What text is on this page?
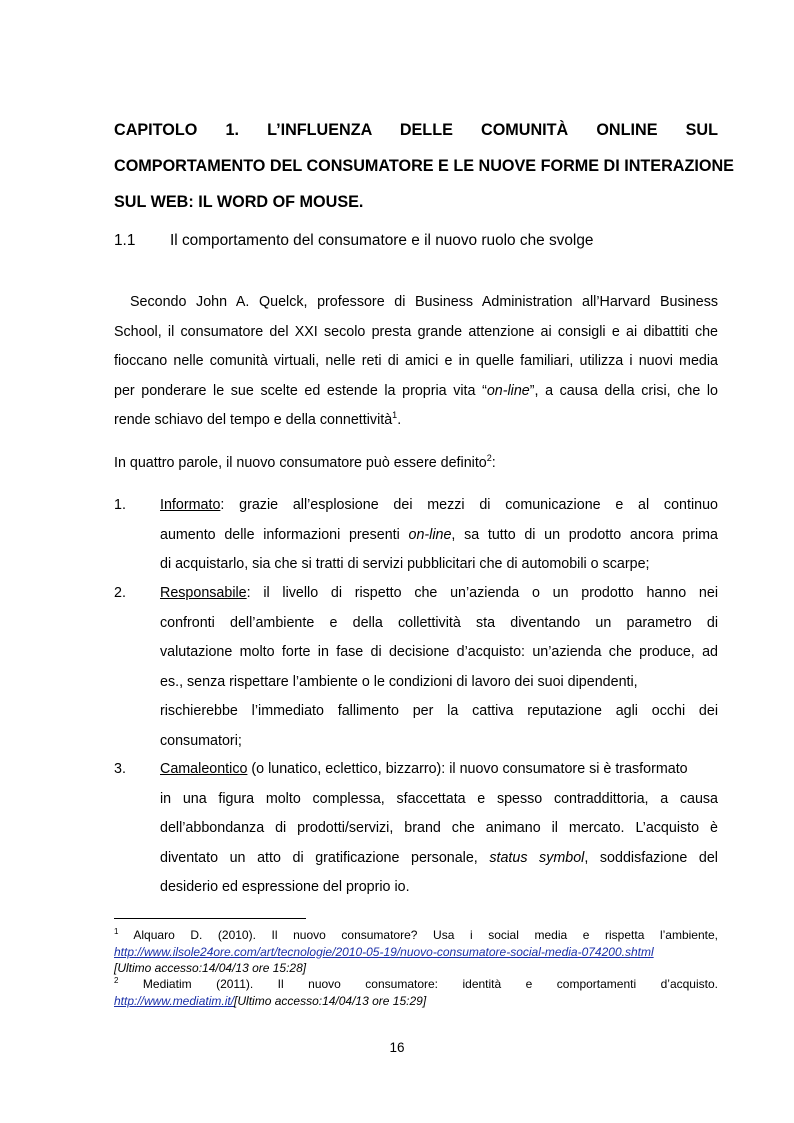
CAPITOLO 1. L’INFLUENZA DELLE COMUNITÀ ONLINE SUL
COMPORTAMENTO DEL CONSUMATORE E LE NUOVE FORME DI INTERAZIONE
SUL WEB: IL WORD OF MOUSE.
1.1 Il comportamento del consumatore e il nuovo ruolo che svolge
Secondo John A. Quelck, professore di Business Administration all’Harvard Business
School, il consumatore del XXI secolo presta grande attenzione ai consigli e ai dibattiti che
fioccano nelle comunità virtuali, nelle reti di amici e in quelle familiari, utilizza i nuovi media
per ponderare le sue scelte ed estende la propria vita “on-line”, a causa della crisi, che lo
rende schiavo del tempo e della connettività$^1$.
In quattro parole, il nuovo consumatore può essere definito$^2$:
1. Informato: grazie all’esplosione dei mezzi di comunicazione e al continuo
aumento delle informazioni presenti on-line, sa tutto di un prodotto ancora prima
di acquistarlo, sia che si tratti di servizi pubblicitari che di automobili o scarpe;
2. Responsabile: il livello di rispetto che un’azienda o un prodotto hanno nei
confronti dell’ambiente e della collettività sta diventando un parametro di
valutazione molto forte in fase di decisione d’acquisto: un’azienda che produce, ad
es., senza rispettare l’ambiente o le condizioni di lavoro dei suoi dipendenti,
rischierebbe l’immediato fallimento per la cattiva reputazione agli occhi dei
consumatori;
3. Camaleontico (o lunatico, eclettico, bizzarro): il nuovo consumatore si è trasformato
in una figura molto complessa, sfaccettata e spesso contraddittoria, a causa
dell’abbondanza di prodotti/servizi, brand che animano il mercato. L’acquisto è
diventato un atto di gratificazione personale, status symbol, soddisfazione del
desiderio ed espressione del proprio io.
$^1$ Alquaro D. (2010). Il nuovo consumatore? Usa i social media e rispetta l’ambiente,
http://www.ilsole24ore.com/art/tecnologie/2010-05-19/nuovo-consumatore-social-media-074200.shtml
[Ultimo accesso:14/04/13 ore 15:28]
$^2$ Mediatim (2011). Il nuovo consumatore: identità e comportamenti d’acquisto.
http://www.mediatim.it/[Ultimo accesso:14/04/13 ore 15:29]
16
